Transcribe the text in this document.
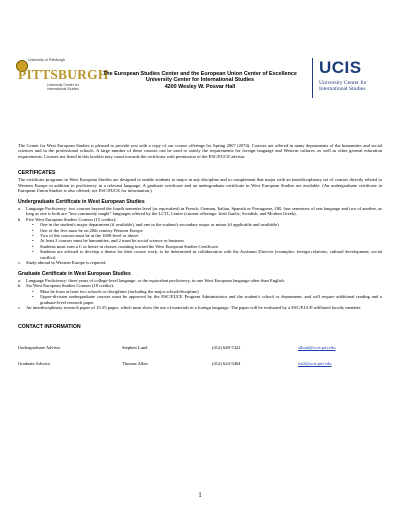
University of Pittsburgh
PITTSBURGH
University Center for International Studies
The European Studies Center and the European Union Center of Excellence
University Center for International Studies
4200 Wesley W. Posvar Hall
UCIS
University Center for
International Studies

The Center for West European Studies is pleased to provide you with a copy of our course offerings for Spring 2007 (2074). Courses are offered in many departments of the humanities and social sciences and in the professional schools. A large number of these courses can be used to satisfy the requirements for foreign language and Western cultures, as well as other general education requirements. Courses not listed in this booklet may count towards the certificate with permission of the ESC/EUCE advisor.

CERTIFICATES

The certificate programs in West European Studies are designed to enable students to major in any discipline and to complement that major with an interdisciplinary set of courses directly related to Western Europe in addition to proficiency in a relevant language. A graduate certificate and an undergraduate certificate in West European Studies are available. (An undergraduate certificate in European Union Studies is also offered; see ESC/EUCE for information.)

Undergraduate Certificate in West European Studies
a.	Language Proficiency: two courses beyond the fourth semester level (or equivalent) in French, German, Italian, Spanish or Portuguese, OR, four semesters of one language and two of another, as long as one is both are "less commonly taught" languages offered by the LCTL Center (current offerings: Irish Gaelic, Swedish, and Modern Greek).
b.	Five West European Studies Courses (15 credits):
•	One in the student's major department (if available), and one in the student's secondary major or minor (if applicable and available)
•	One of the five must be on 20th century Western Europe
•	Two of the courses must be at the 1000-level or above
•	At least 2 courses must be humanities, and 2 must be social science or business
•	Students must earn a C or better in classes counting toward the West European Studies Certificate.
•	Students are advised to develop a theme for their course work, to be determined in collaboration with the Assistant Director (examples: foreign relations, cultural development, social conflict)
c.	Study abroad in Western Europe is required.
Graduate Certificate in West European Studies
a.	Language Proficiency: three years of college-level language, or the equivalent proficiency, in one West European language other than English.
b.	Six West European Studies Courses (18 credits):
•	Must be from at least two schools or disciplines (including the major school/discipline)
•	Upper-division undergraduate courses must be approved by the ESC/EUCE Program Administrator and the student's school or department, and will require additional reading and a graduate-level research paper.
c.	An interdisciplinary research paper of 15-25 pages, which must show the use of materials in a foreign language. The paper will be evaluated by a ESC/EUCE-affiliated faculty member.
CONTACT INFORMATION
Undergraduate Advisor	Stephen Lund	(412) 648-7422	sllund@ucis.pitt.edu
Graduate Advisor	Thomas Allen	(412) 624-5404	tfa3@ucis.pitt.edu
1
